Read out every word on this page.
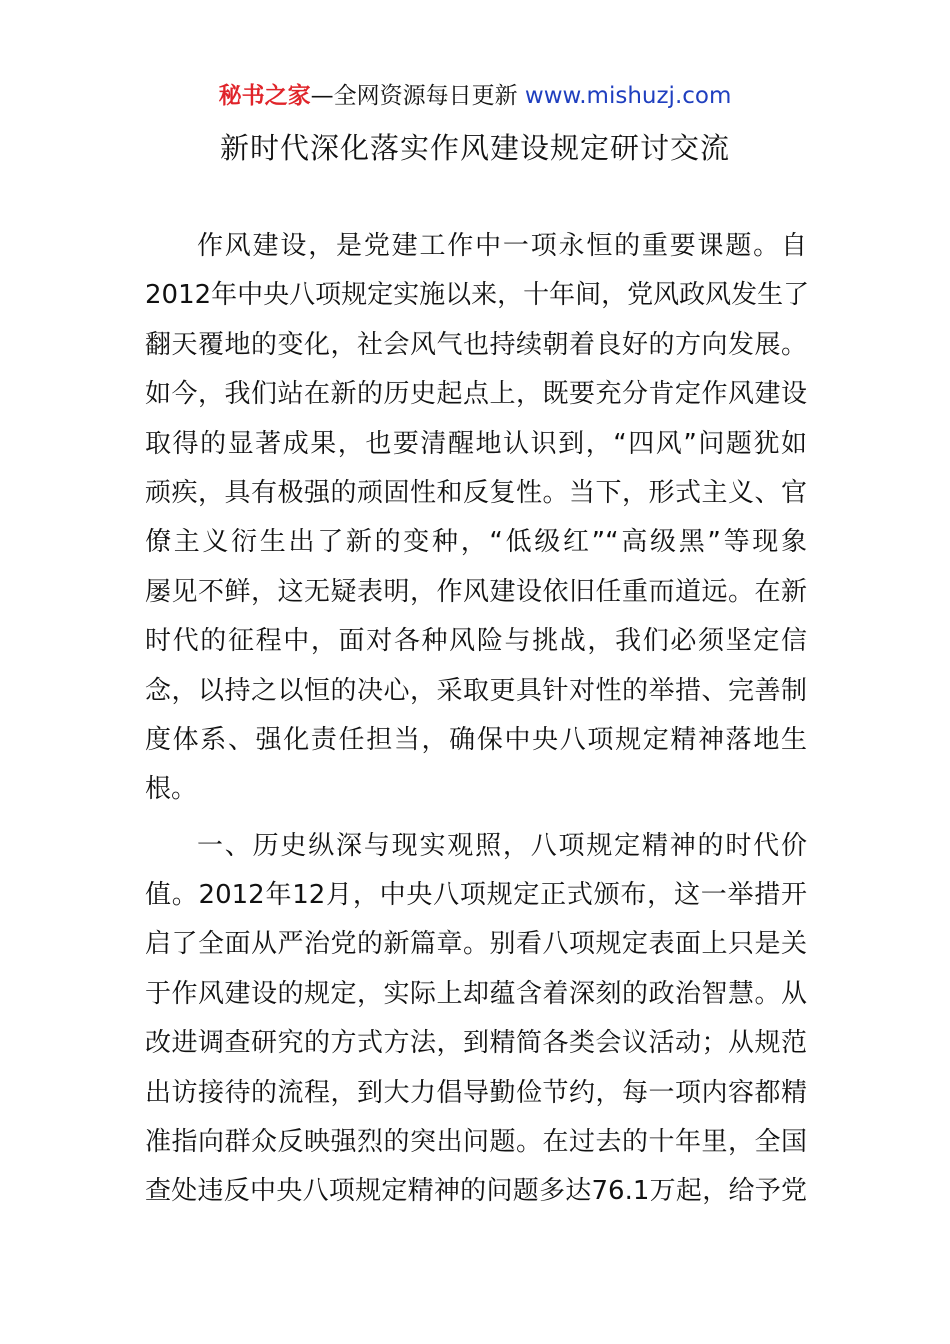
秘书之家—全网资源每日更新 www.mishuzj.com
新时代深化落实作风建设规定研讨交流
作风建设，是党建工作中一项永恒的重要课题。自
2012年中央八项规定实施以来，十年间，党风政风发生了
翻天覆地的变化，社会风气也持续朝着良好的方向发展。
如今，我们站在新的历史起点上，既要充分肯定作风建设
取得的显著成果，也要清醒地认识到，“四风”问题犹如
顽疾，具有极强的顽固性和反复性。当下，形式主义、官
僚主义衍生出了新的变种，“低级红”“高级黑”等现象
屡见不鲜，这无疑表明，作风建设依旧任重而道远。在新
时代的征程中，面对各种风险与挑战，我们必须坚定信
念，以持之以恒的决心，采取更具针对性的举措、完善制
度体系、强化责任担当，确保中央八项规定精神落地生
根。
一、历史纵深与现实观照，八项规定精神的时代价
值。2012年12月，中央八项规定正式颁布，这一举措开
启了全面从严治党的新篇章。别看八项规定表面上只是关
于作风建设的规定，实际上却蕴含着深刻的政治智慧。从
改进调查研究的方式方法，到精简各类会议活动；从规范
出访接待的流程，到大力倡导勤俭节约，每一项内容都精
准指向群众反映强烈的突出问题。在过去的十年里，全国
查处违反中央八项规定精神的问题多达76.1万起，给予党
